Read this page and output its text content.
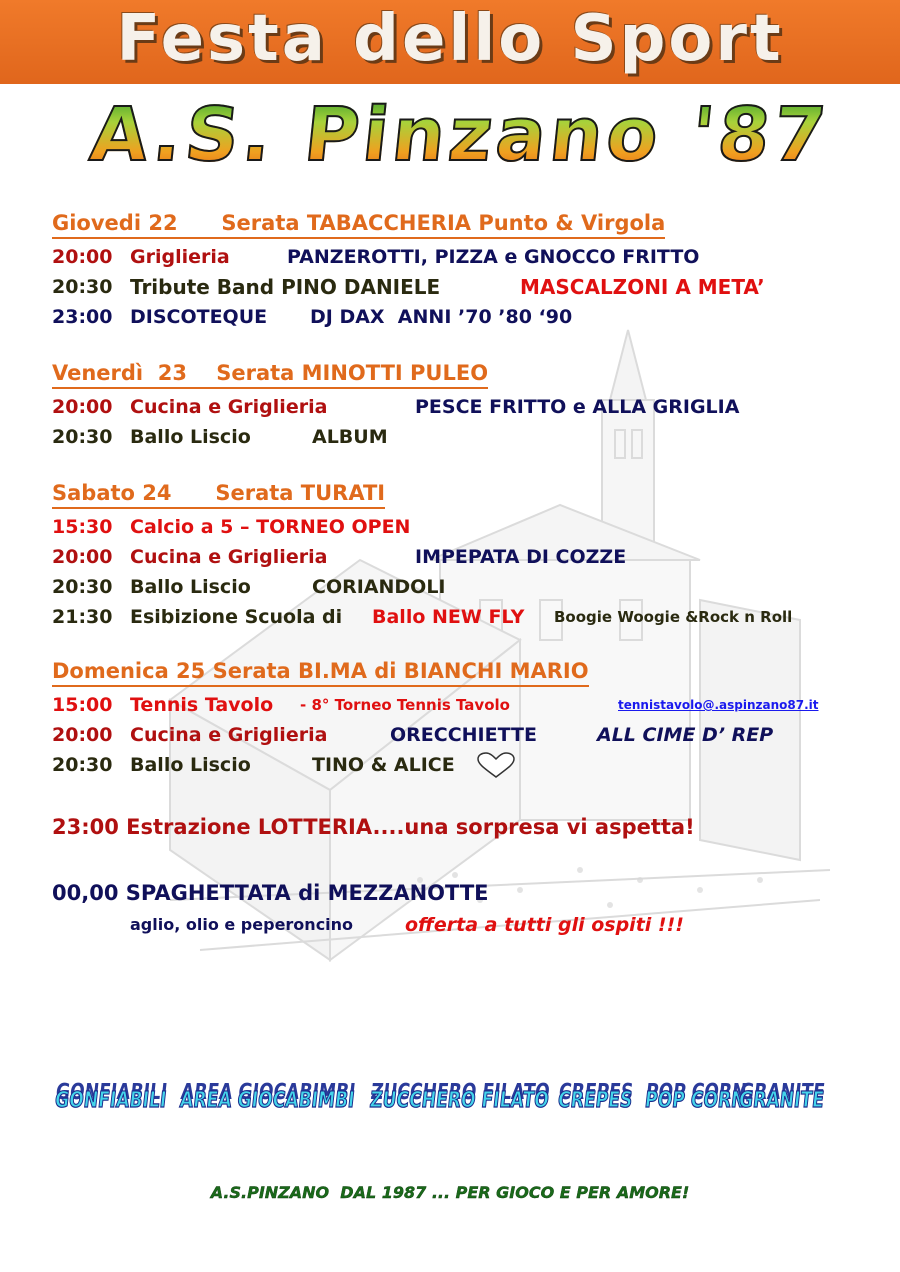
Festa dello Sport
A.S. Pinzano '87
Giovedi 22      Serata TABACCHERIA Punto & Virgola
20:00 Griglieria	PANZEROTTI, PIZZA e GNOCCO FRITTO
20:30 Tribute Band PINO DANIELE	MASCALZONI A META’
23:00 DISCOTEQUE DJ DAX  ANNI ’70 ’80 ‘90
Venerdì  23    Serata MINOTTI PULEO
20:00 Cucina e Griglieria	PESCE FRITTO e ALLA GRIGLIA
20:30 Ballo Liscio	ALBUM
Sabato 24      Serata TURATI
15:30 Calcio a 5 – TORNEO OPEN
20:00 Cucina e Griglieria	IMPEPATA DI COZZE
20:30 Ballo Liscio	CORIANDOLI
21:30 Esibizione Scuola di Ballo NEW FLY Boogie Woogie &Rock n Roll
Domenica 25 Serata BI.MA di BIANCHI MARIO
15:00 Tennis Tavolo - 8° Torneo Tennis Tavolo	tennistavolo@.aspinzano87.it
20:00 Cucina e Griglieria	ORECCHIETTE	ALL CIME D’ REP
20:30 Ballo Liscio	TINO & ALICE
23:00 Estrazione LOTTERIA....una sorpresa vi aspetta!
00,00 SPAGHETTATA di MEZZANOTTE
aglio, olio e peperoncino	offerta a tutti gli ospiti !!!
GONFIABILI AREA GIOCABIMBI ZUCCHERO FILATO CREPES POP CORN
GRANITE
A.S.PINZANO  DAL 1987 ... PER GIOCO E PER AMORE!
